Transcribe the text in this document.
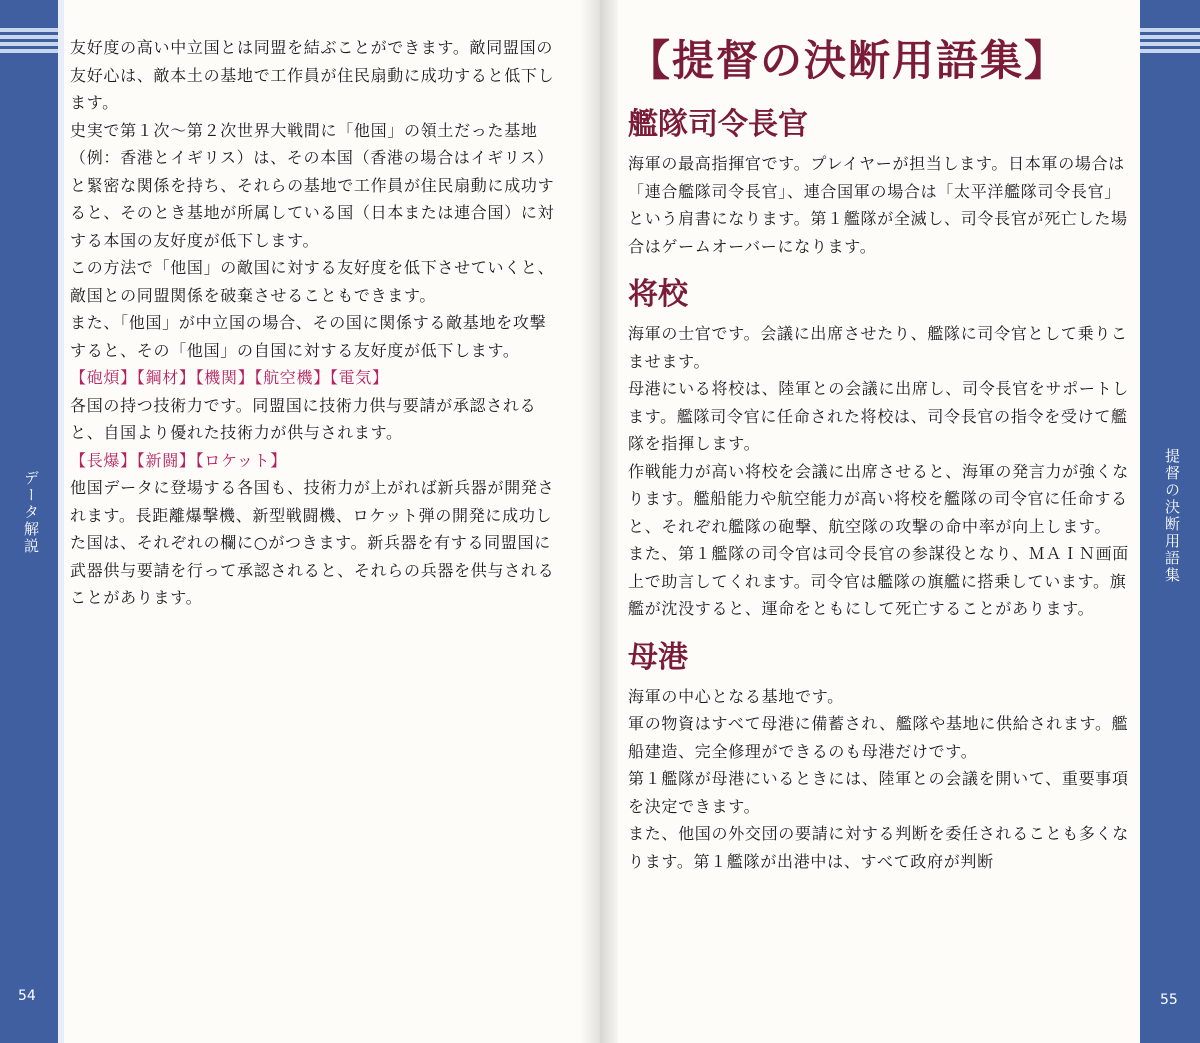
データ解説
54

友好度の高い中立国とは同盟を結ぶことができます。敵同盟国の友好心は、敵本土の基地で工作員が住民扇動に成功すると低下します。

史実で第１次〜第２次世界大戦間に「他国」の領土だった基地（例：香港とイギリス）は、その本国（香港の場合はイギリス）と緊密な関係を持ち、それらの基地で工作員が住民扇動に成功すると、そのとき基地が所属している国（日本または連合国）に対する本国の友好度が低下します。

この方法で「他国」の敵国に対する友好度を低下させていくと、敵国との同盟関係を破棄させることもできます。

また、「他国」が中立国の場合、その国に関係する敵基地を攻撃すると、その「他国」の自国に対する友好度が低下します。

【砲煩】【鋼材】【機関】【航空機】【電気】

各国の持つ技術力です。同盟国に技術力供与要請が承認されると、自国より優れた技術力が供与されます。

【長爆】【新闘】【ロケット】

他国データに登場する各国も、技術力が上がれば新兵器が開発されます。長距離爆撃機、新型戦闘機、ロケット弾の開発に成功した国は、それぞれの欄に○がつきます。新兵器を有する同盟国に武器供与要請を行って承認されると、それらの兵器を供与されることがあります。

【提督の決断用語集】
艦隊司令長官

海軍の最高指揮官です。プレイヤーが担当します。日本軍の場合は「連合艦隊司令長官」、連合国軍の場合は「太平洋艦隊司令長官」という肩書になります。第１艦隊が全滅し、司令長官が死亡した場合はゲームオーバーになります。

将校

海軍の士官です。会議に出席させたり、艦隊に司令官として乗りこませます。

母港にいる将校は、陸軍との会議に出席し、司令長官をサポートします。艦隊司令官に任命された将校は、司令長官の指令を受けて艦隊を指揮します。

作戦能力が高い将校を会議に出席させると、海軍の発言力が強くなります。艦船能力や航空能力が高い将校を艦隊の司令官に任命すると、それぞれ艦隊の砲撃、航空隊の攻撃の命中率が向上します。

また、第１艦隊の司令官は司令長官の参謀役となり、ＭＡＩＮ画面上で助言してくれます。司令官は艦隊の旗艦に搭乗しています。旗艦が沈没すると、運命をともにして死亡することがあります。

母港

海軍の中心となる基地です。

軍の物資はすべて母港に備蓄され、艦隊や基地に供給されます。艦船建造、完全修理ができるのも母港だけです。

第１艦隊が母港にいるときには、陸軍との会議を開いて、重要事項を決定できます。

また、他国の外交団の要請に対する判断を委任されることも多くなります。第１艦隊が出港中は、すべて政府が判断

提督の決断用語集
55
